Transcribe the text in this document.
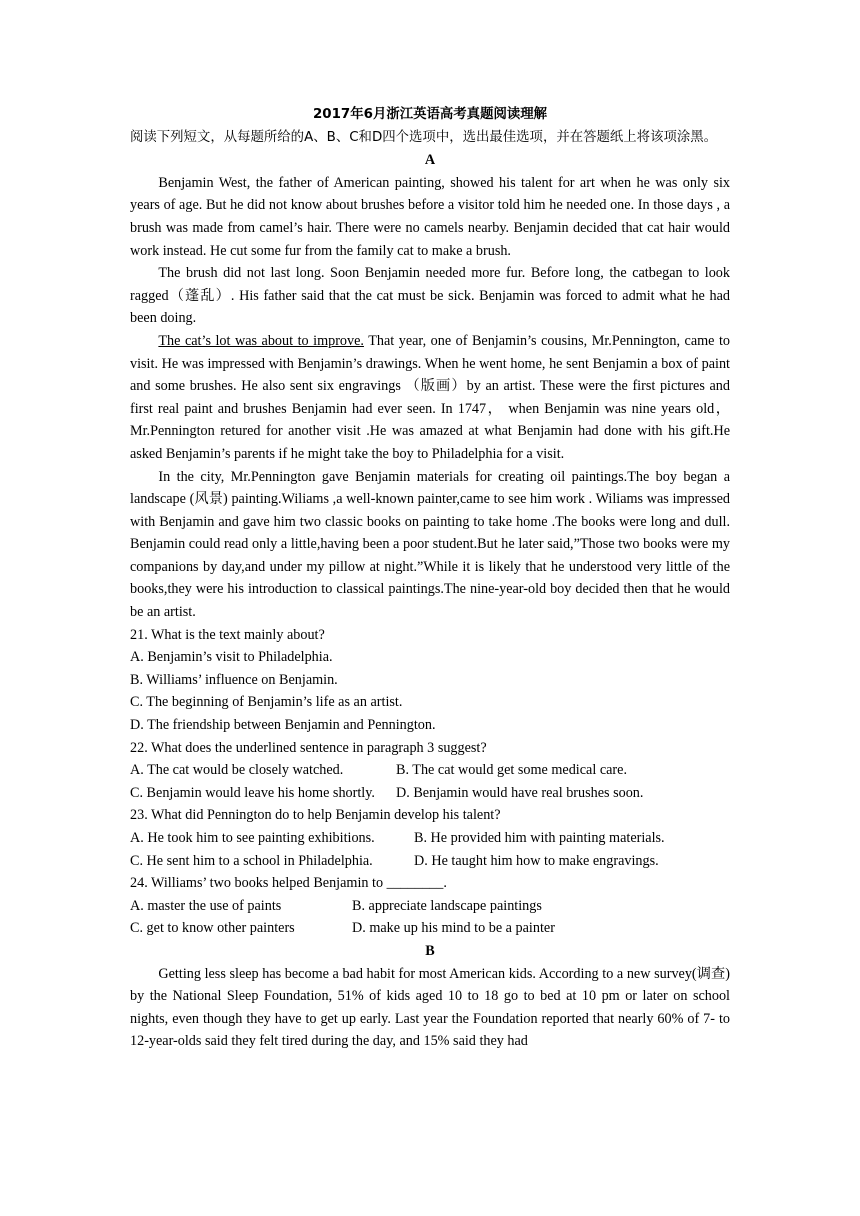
2017年6月浙江英语高考真题阅读理解

阅读下列短文，从每题所给的A、B、C和D四个选项中，选出最佳选项，并在答题纸上将该项涂黑。

A

Benjamin West, the father of American painting, showed his talent for art when he was only six years of age. But he did not know about brushes before a visitor told him he needed one. In those days , a brush was made from camel’s hair. There were no camels nearby. Benjamin decided that cat hair would work instead. He cut some fur from the family cat to make a brush.

The brush did not last long. Soon Benjamin needed more fur. Before long, the catbegan to look ragged（蓬乱）. His father said that the cat must be sick. Benjamin was forced to admit what he had been doing.

The cat’s lot was about to improve. That year, one of Benjamin’s cousins, Mr.Pennington, came to visit. He was impressed with Benjamin’s drawings. When he went home, he sent Benjamin a box of paint and some brushes. He also sent six engravings （版画）by an artist. These were the first pictures and first real paint and brushes Benjamin had ever seen. In 1747， when Benjamin was nine years old，Mr.Pennington retured for another visit .He was amazed at what Benjamin had done with his gift.He asked Benjamin’s parents if he might take the boy to Philadelphia for a visit.

In the city, Mr.Pennington gave Benjamin materials for creating oil paintings.The boy began a landscape (风景) painting.Wiliams ,a well-known painter,came to see him work . Wiliams was impressed with Benjamin and gave him two classic books on painting to take home .The books were long and dull. Benjamin could read only a little,having been a poor student.But he later said,”Those two books were my companions by day,and under my pillow at night.”While it is likely that he understood very little of the books,they were his introduction to classical paintings.The nine-year-old boy decided then that he would be an artist.

21. What is the text mainly about?

A. Benjamin’s visit to Philadelphia.

B. Williams’ influence on Benjamin.

C. The beginning of Benjamin’s life as an artist.

D. The friendship between Benjamin and Pennington.

22. What does the underlined sentence in paragraph 3 suggest?

A. The cat would be closely watched.	B. The cat would get some medical care.

C. Benjamin would leave his home shortly.	D. Benjamin would have real brushes soon.

23. What did Pennington do to help Benjamin develop his talent?

A. He took him to see painting exhibitions.	B. He provided him with painting materials.

C. He sent him to a school in Philadelphia.	D. He taught him how to make engravings.

24. Williams’ two books helped Benjamin to ________.

A. master the use of paints	B. appreciate landscape paintings

C. get to know other painters	D. make up his mind to be a painter

B

Getting less sleep has become a bad habit for most American kids. According to a new survey(调查) by the National Sleep Foundation, 51% of kids aged 10 to 18 go to bed at 10 pm or later on school nights, even though they have to get up early. Last year the Foundation reported that nearly 60% of 7- to 12-year-olds said they felt tired during the day, and 15% said they had
